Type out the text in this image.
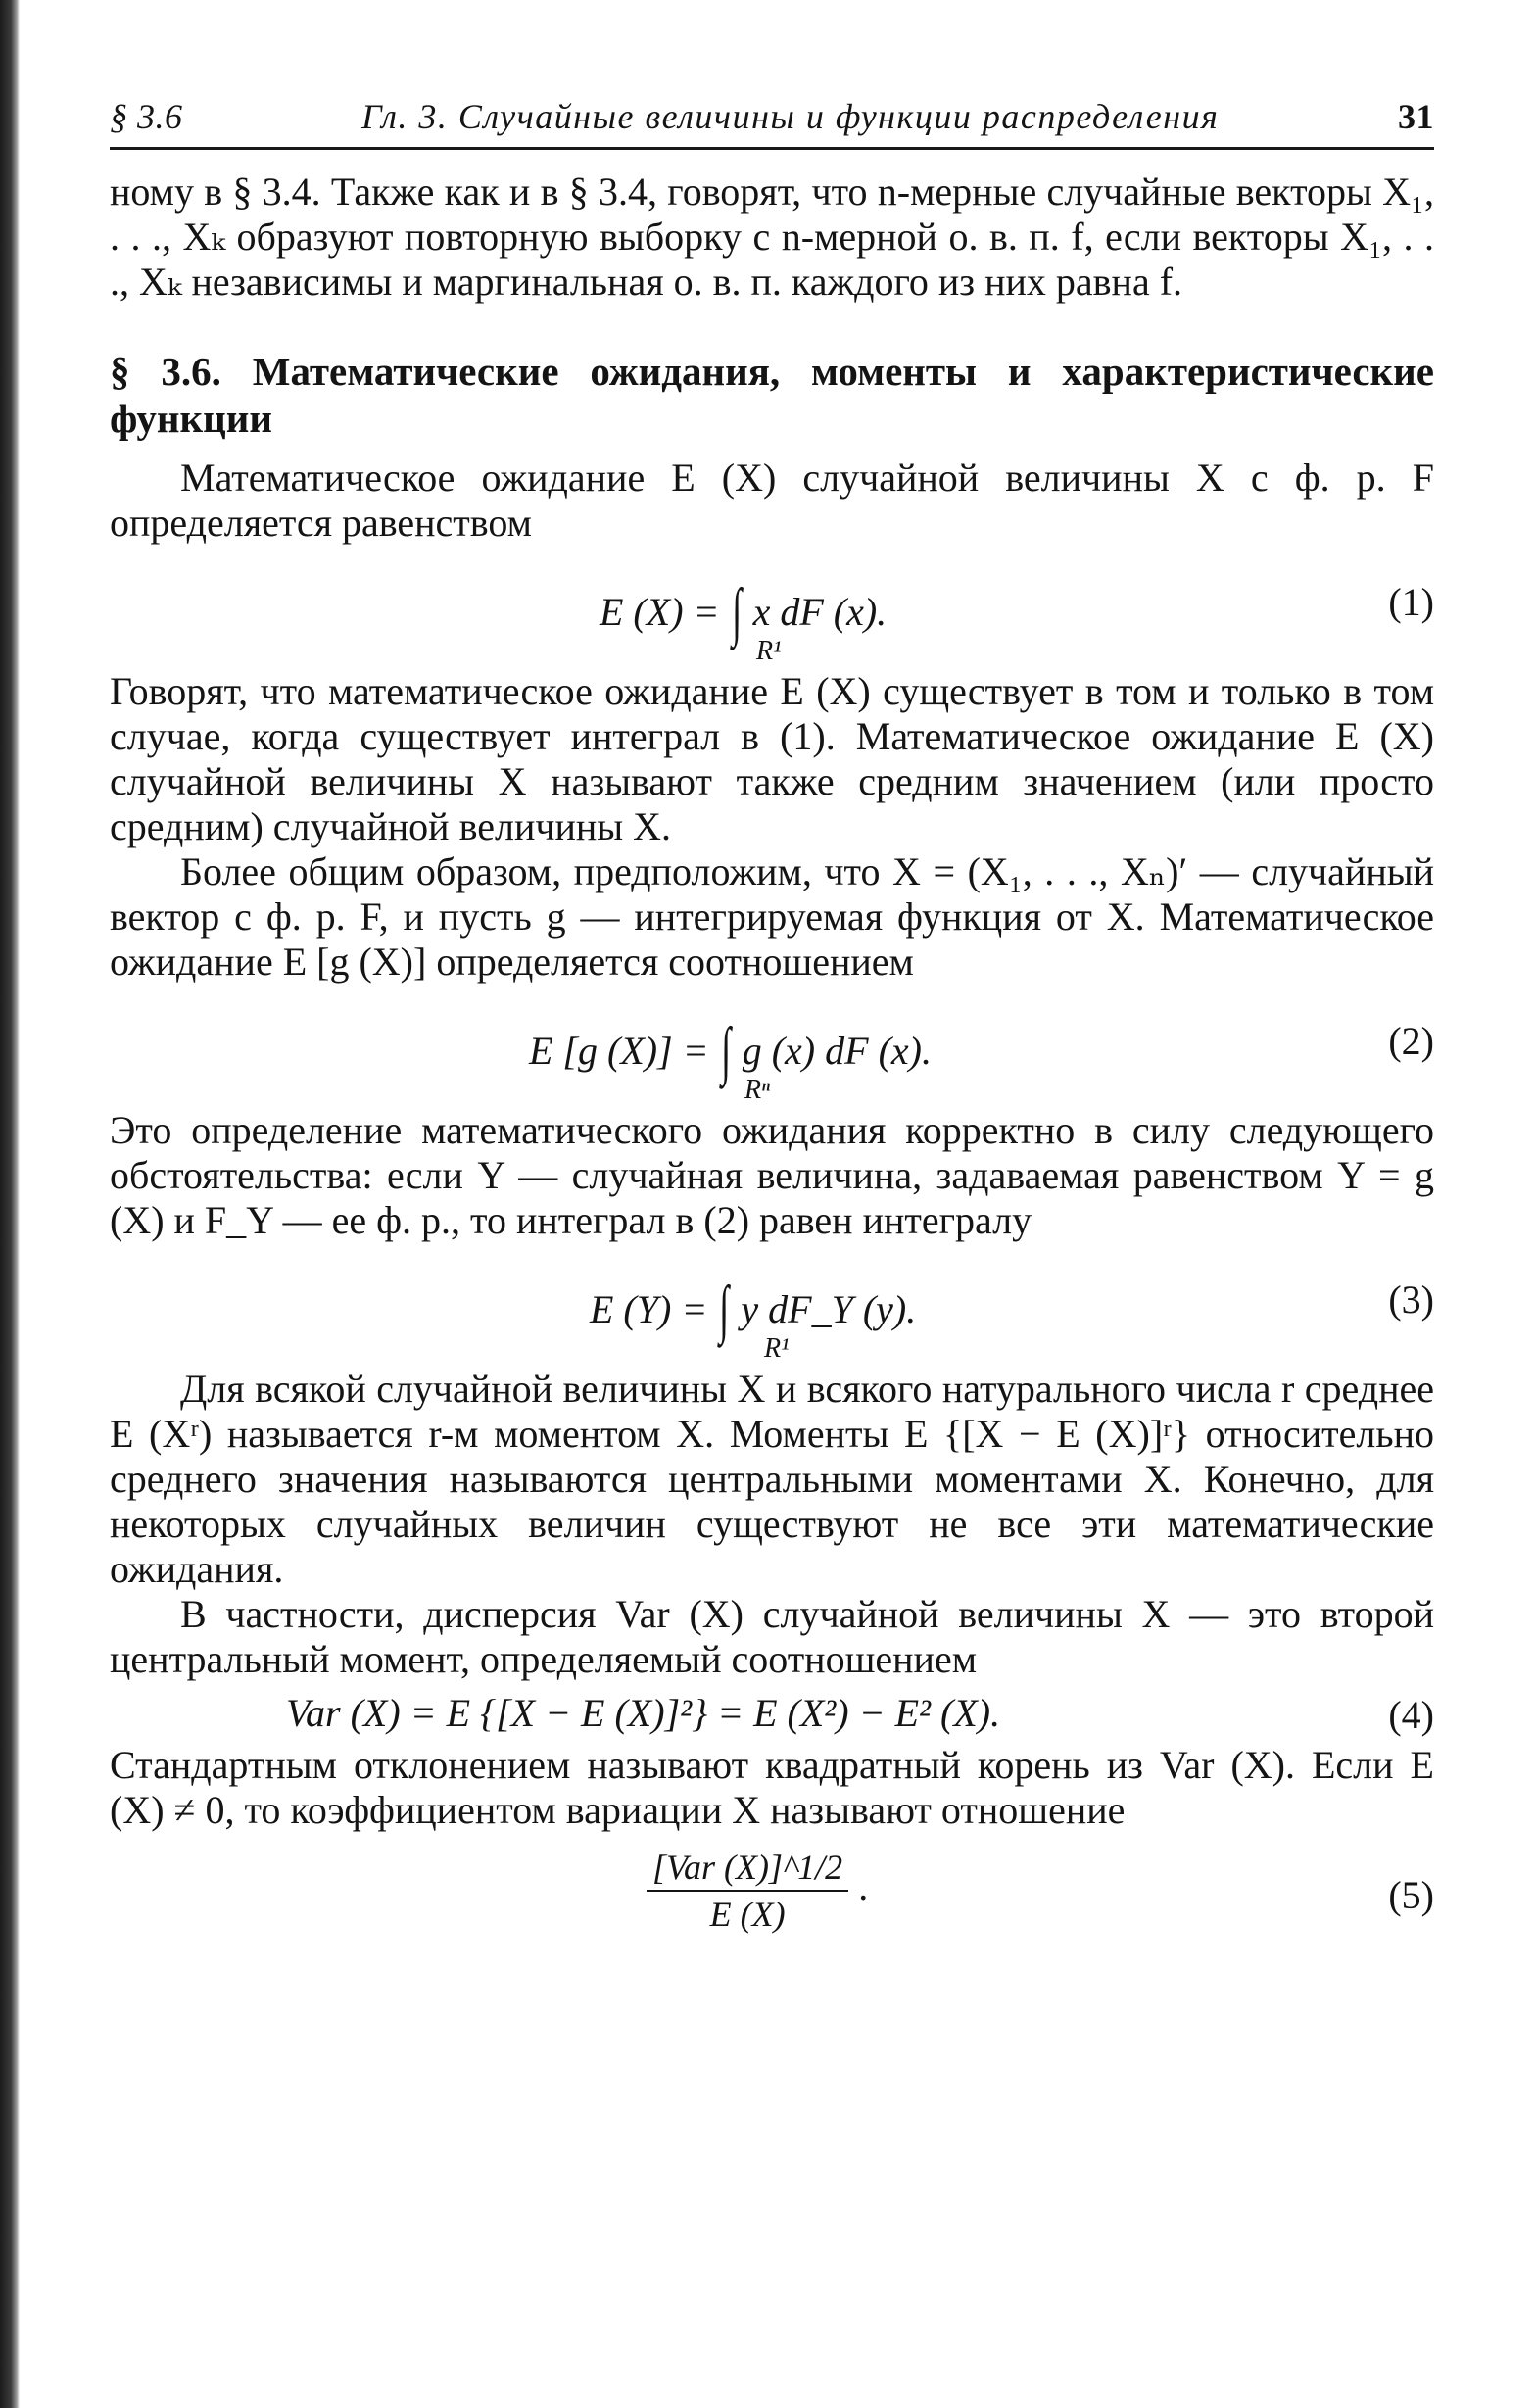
§ 3.6	Гл. 3. Случайные величины и функции распределения	31

ному в § 3.4. Также как и в § 3.4, говорят, что n-мерные случайные векторы X₁, . . ., Xₖ образуют повторную выборку с n-мерной о. в. п. f, если векторы X₁, . . ., Xₖ независимы и маргинальная о. в. п. каждого из них равна f.

§ 3.6. Математические ожидания, моменты и характеристические функции

Математическое ожидание E (X) случайной величины X с ф. р. F определяется равенством

E (X) = ∫ x dF (x).
R¹
(1)

Говорят, что математическое ожидание E (X) существует в том и только в том случае, когда существует интеграл в (1). Математическое ожидание E (X) случайной величины X называют также средним значением (или просто средним) случайной величины X.

Более общим образом, предположим, что X = (X₁, . . ., Xₙ)′ — случайный вектор с ф. р. F, и пусть g — интегрируемая функция от X. Математическое ожидание E [g (X)] определяется соотношением

E [g (X)] = ∫ g (x) dF (x).
Rⁿ
(2)

Это определение математического ожидания корректно в силу следующего обстоятельства: если Y — случайная величина, задаваемая равенством Y = g (X) и F_Y — ее ф. р., то интеграл в (2) равен интегралу

E (Y) = ∫ y dF_Y (y).
R¹
(3)

Для всякой случайной величины X и всякого натурального числа r среднее E (Xʳ) называется r-м моментом X. Моменты E {[X − E (X)]ʳ} относительно среднего значения называются центральными моментами X. Конечно, для некоторых случайных величин существуют не все эти математические ожидания.

В частности, дисперсия Var (X) случайной величины X — это второй центральный момент, определяемый соотношением

Var (X) = E {[X − E (X)]²} = E (X²) − E² (X).	(4)

Стандартным отклонением называют квадратный корень из Var (X). Если E (X) ≠ 0, то коэффициентом вариации X называют отношение

$\frac{\text{[Var (X)]\textasciicircum{}1/2}}{E (X)}$ .	(5)
